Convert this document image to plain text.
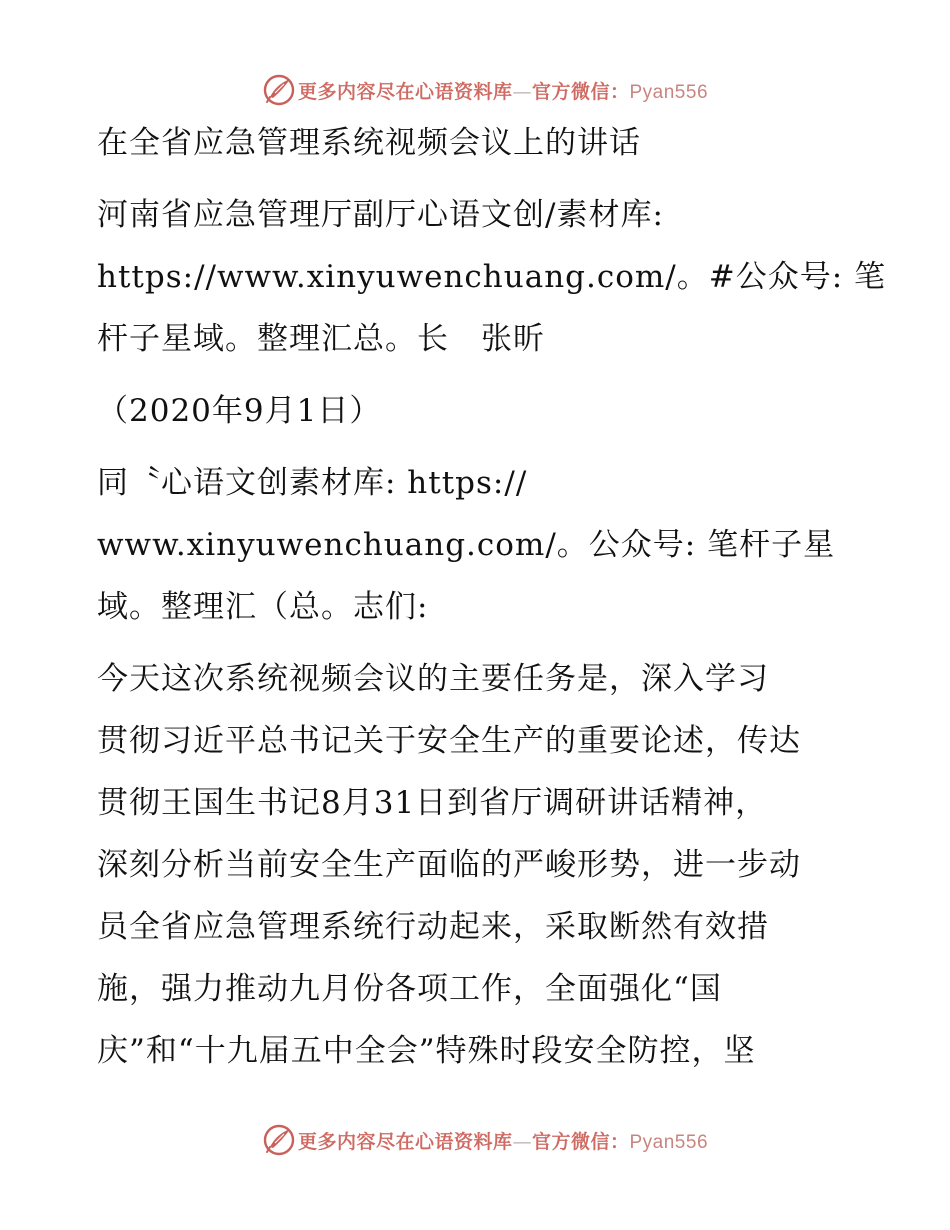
更多内容尽在心语资料库—官方微信：Pyan556
在全省应急管理系统视频会议上的讲话
河南省应急管理厅副厅心语文创/素材库:
https://www.xinyuwenchuang.com/。#公众号: 笔
杆子星域。整理汇总。长　张昕
（2020年9月1日）
同〝心语文创素材库: https://
www.xinyuwenchuang.com/。公众号: 笔杆子星
域。整理汇（总。志们:
今天这次系统视频会议的主要任务是，深入学习
贯彻习近平总书记关于安全生产的重要论述，传达
贯彻王国生书记8月31日到省厅调研讲话精神，
深刻分析当前安全生产面临的严峻形势，进一步动
员全省应急管理系统行动起来，采取断然有效措
施，强力推动九月份各项工作，全面强化“国
庆”和“十九届五中全会”特殊时段安全防控，坚
更多内容尽在心语资料库—官方微信：Pyan556
